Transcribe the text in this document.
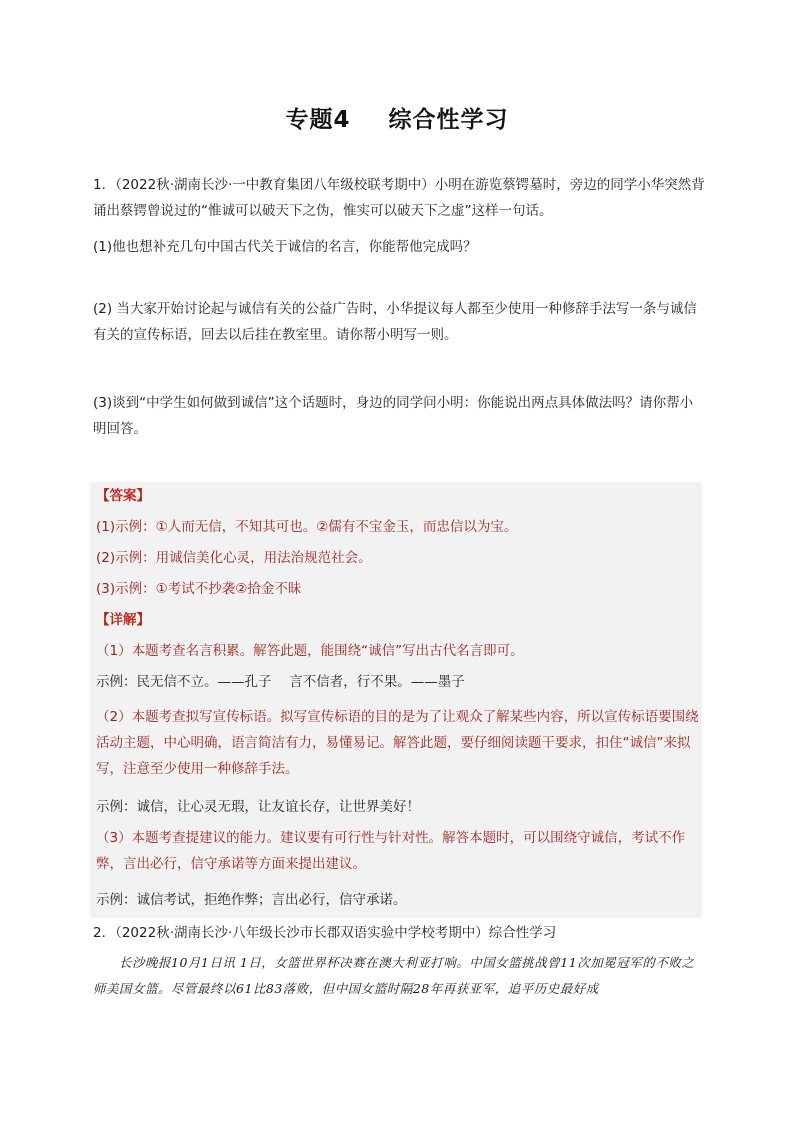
专题4 综合性学习
1．（2022秋·湖南长沙·一中教育集团八年级校联考期中）小明在游览蔡锷墓时，旁边的同学小华突然背诵出蔡锷曾说过的“惟诚可以破天下之伪，惟实可以破天下之虚”这样一句话。
(1)他也想补充几句中国古代关于诚信的名言，你能帮他完成吗？
(2) 当大家开始讨论起与诚信有关的公益广告时，小华提议每人都至少使用一种修辞手法写一条与诚信有关的宣传标语，回去以后挂在教室里。请你帮小明写一则。
(3)谈到“中学生如何做到诚信”这个话题时，身边的同学问小明：你能说出两点具体做法吗？请你帮小明回答。
【答案】
(1)示例：①人而无信，不知其可也。②儒有不宝金玉，而忠信以为宝。
(2)示例：用诚信美化心灵，用法治规范社会。
(3)示例：①考试不抄袭②拾金不昧
【详解】
（1）本题考查名言积累。解答此题，能围绕“诚信”写出古代名言即可。
示例：民无信不立。——孔子　 言不信者，行不果。——墨子
（2）本题考查拟写宣传标语。拟写宣传标语的目的是为了让观众了解某些内容，所以宣传标语要围绕活动主题，中心明确，语言简洁有力，易懂易记。解答此题，要仔细阅读题干要求，扣住“诚信”来拟写，注意至少使用一种修辞手法。
示例：诚信，让心灵无瑕，让友谊长存，让世界美好！
（3）本题考查提建议的能力。建议要有可行性与针对性。解答本题时，可以围绕守诚信，考试不作弊，言出必行，信守承诺等方面来提出建议。
示例：诚信考试，拒绝作弊；言出必行，信守承诺。
2．（2022秋·湖南长沙·八年级长沙市长郡双语实验中学校考期中）综合性学习
长沙晚报10月1日讯 1日，女篮世界杯决赛在澳大利亚打响。中国女篮挑战曾11次加冕冠军的不败之师美国女篮。尽管最终以61比83落败，但中国女篮时隔28年再获亚军，追平历史最好成
